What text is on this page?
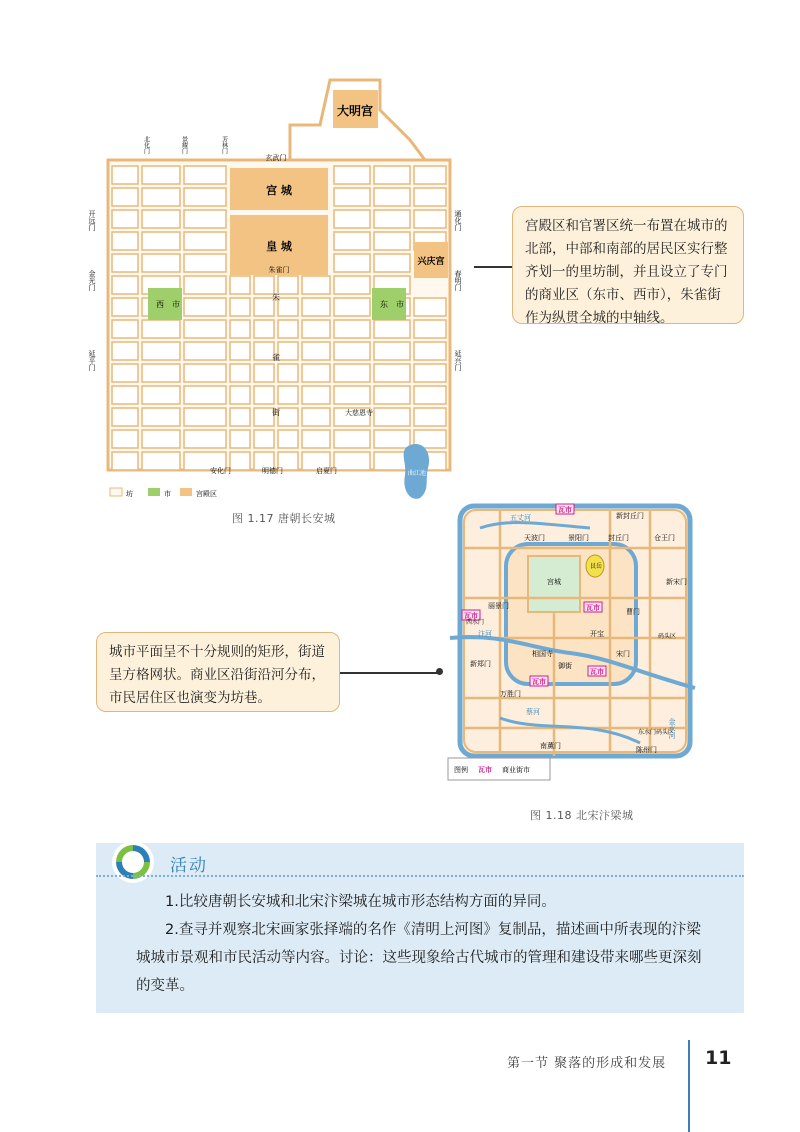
大明宫
宫 城
皇 城
朱雀门
玄武门
兴庆宫
西 市	东 市
朱
雀
街	大慈恩寺
曲江池
安化门	明德门	启夏门
开远门
金光门
延平门
通化门
春明门
延兴门
北化门	景耀门	芳林门
坊	市	宫殿区
图 1.17 唐朝长安城
宫殿区和官署区统一布置在城市的北部，中部和南部的居民区实行整齐划一的里坊制，并且设立了专门的商业区（东市、西市），朱雀街作为纵贯全城的中轴线。
宫城
艮岳
瓦市
瓦市
瓦市
瓦市
瓦市
五丈河
天波门	景阳门
新封丘门
封丘门	仓王门
新宋门
丽景门
开宝
宋门
曹门
东水门码头区
西水门
码头区
陈州门
南薰门
御街
新郑门
万胜门
金水河
蔡河
汴河
相国寺
图例 瓦市 商业街市
图 1.18 北宋汴梁城
城市平面呈不十分规则的矩形，街道呈方格网状。商业区沿街沿河分布，市民居住区也演变为坊巷。
活动

1.比较唐朝长安城和北宋汴梁城在城市形态结构方面的异同。

2.查寻并观察北宋画家张择端的名作《清明上河图》复制品，描述画中所表现的汴梁城城市景观和市民活动等内容。讨论：这些现象给古代城市的管理和建设带来哪些更深刻的变革。

第一节 聚落的形成和发展 11
